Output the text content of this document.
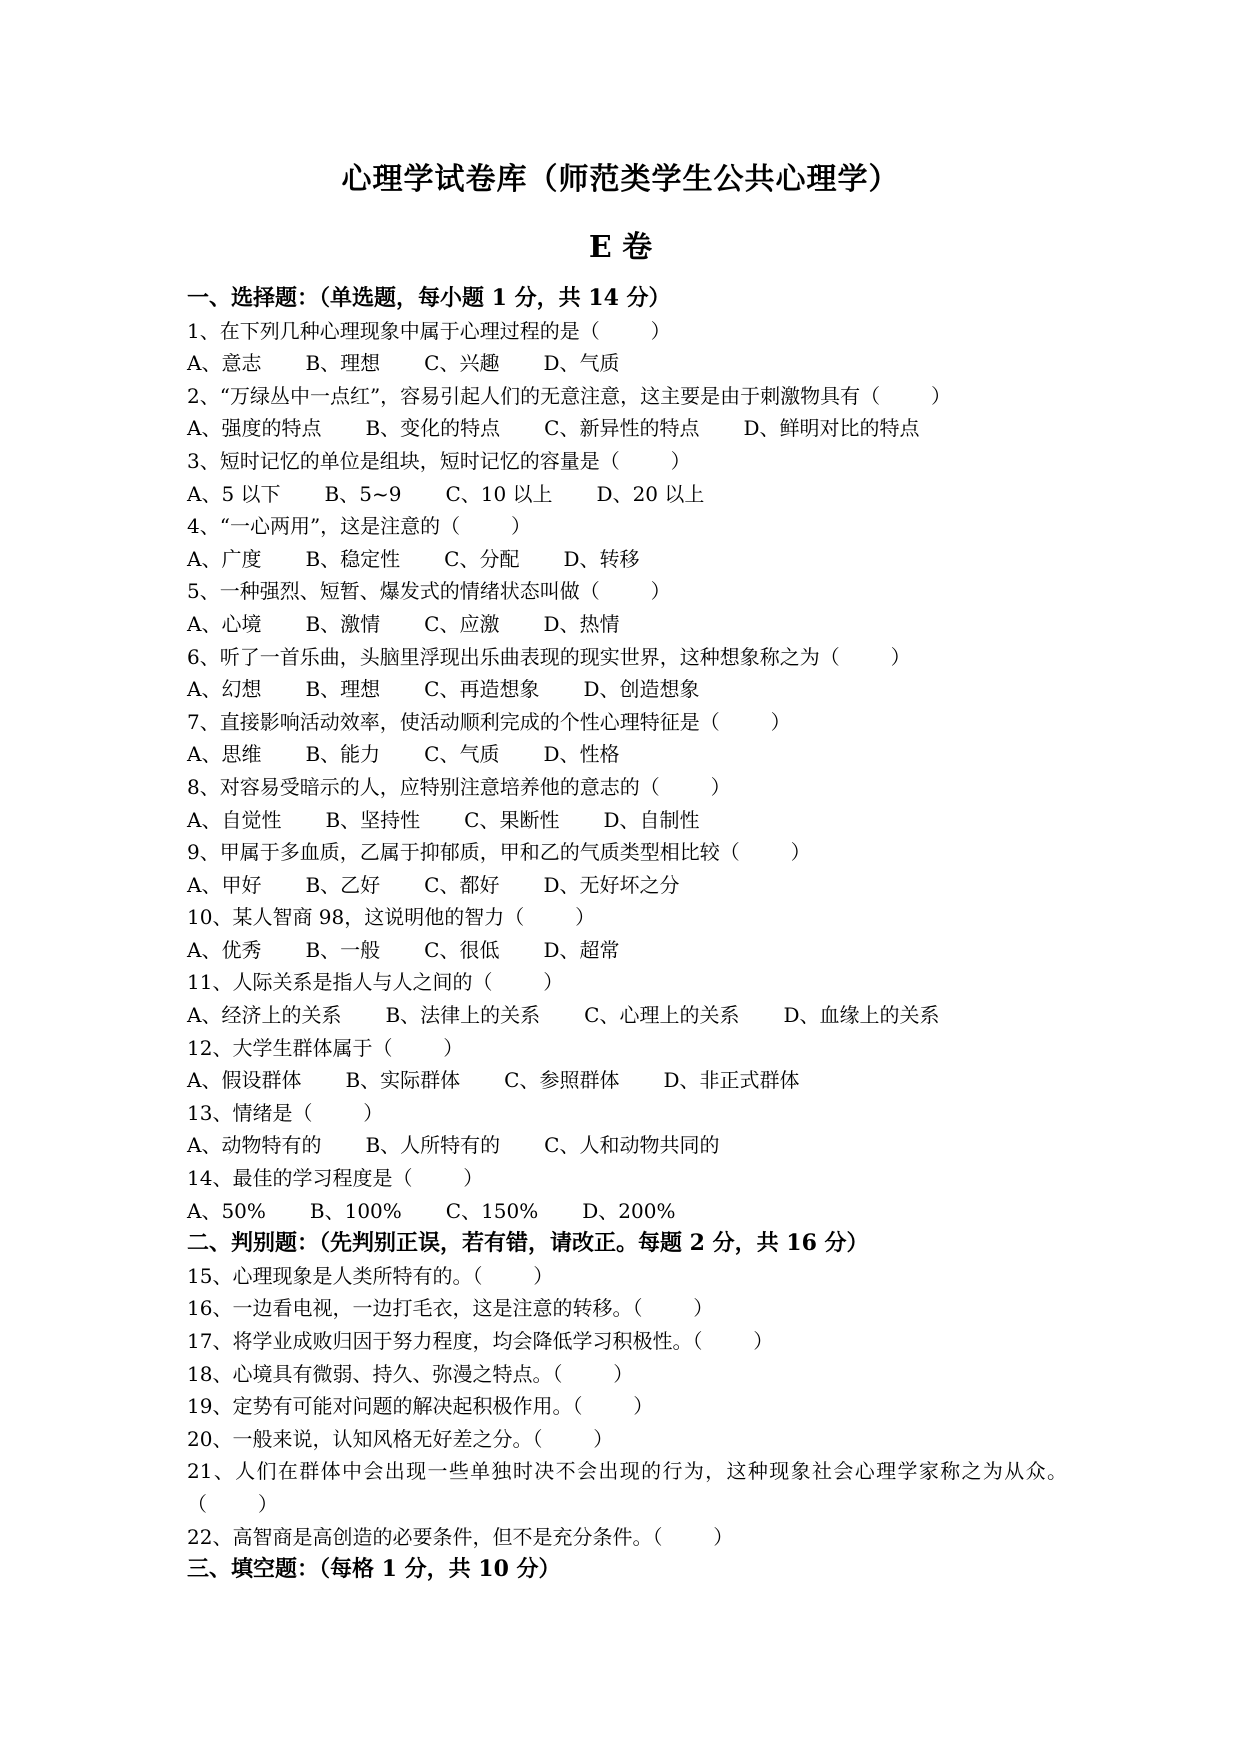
心理学试卷库（师范类学生公共心理学）
E 卷
一、选择题：（单选题，每小题 1 分，共 14 分）
1、在下列几种心理现象中属于心理过程的是（        ）
A、意志 B、理想 C、兴趣 D、气质
2、“万绿丛中一点红”，容易引起人们的无意注意，这主要是由于刺激物具有（        ）
A、强度的特点 B、变化的特点 C、新异性的特点 D、鲜明对比的特点
3、短时记忆的单位是组块，短时记忆的容量是（        ）
A、5 以下 B、5~9 C、10 以上 D、20 以上
4、“一心两用”，这是注意的（        ）
A、广度 B、稳定性 C、分配 D、转移
5、一种强烈、短暂、爆发式的情绪状态叫做（        ）
A、心境 B、激情 C、应激 D、热情
6、听了一首乐曲，头脑里浮现出乐曲表现的现实世界，这种想象称之为（        ）
A、幻想 B、理想 C、再造想象 D、创造想象
7、直接影响活动效率，使活动顺利完成的个性心理特征是（        ）
A、思维 B、能力 C、气质 D、性格
8、对容易受暗示的人，应特别注意培养他的意志的（        ）
A、自觉性 B、坚持性 C、果断性 D、自制性
9、甲属于多血质，乙属于抑郁质，甲和乙的气质类型相比较（        ）
A、甲好 B、乙好 C、都好 D、无好坏之分
10、某人智商 98，这说明他的智力（        ）
A、优秀 B、一般 C、很低 D、超常
11、人际关系是指人与人之间的（        ）
A、经济上的关系 B、法律上的关系 C、心理上的关系 D、血缘上的关系
12、大学生群体属于（        ）
A、假设群体 B、实际群体 C、参照群体 D、非正式群体
13、情绪是（        ）
A、动物特有的 B、人所特有的 C、人和动物共同的
14、最佳的学习程度是（        ）
A、50% B、100% C、150% D、200%
二、判别题：（先判别正误，若有错，请改正。每题 2 分，共 16 分）
15、心理现象是人类所特有的。（        ）
16、一边看电视，一边打毛衣，这是注意的转移。（        ）
17、将学业成败归因于努力程度，均会降低学习积极性。（        ）
18、心境具有微弱、持久、弥漫之特点。（        ）
19、定势有可能对问题的解决起积极作用。（        ）
20、一般来说，认知风格无好差之分。（        ）
21、人们在群体中会出现一些单独时决不会出现的行为，这种现象社会心理学家称之为从众。
（        ）
22、高智商是高创造的必要条件，但不是充分条件。（        ）
三、填空题：（每格 1 分，共 10 分）
